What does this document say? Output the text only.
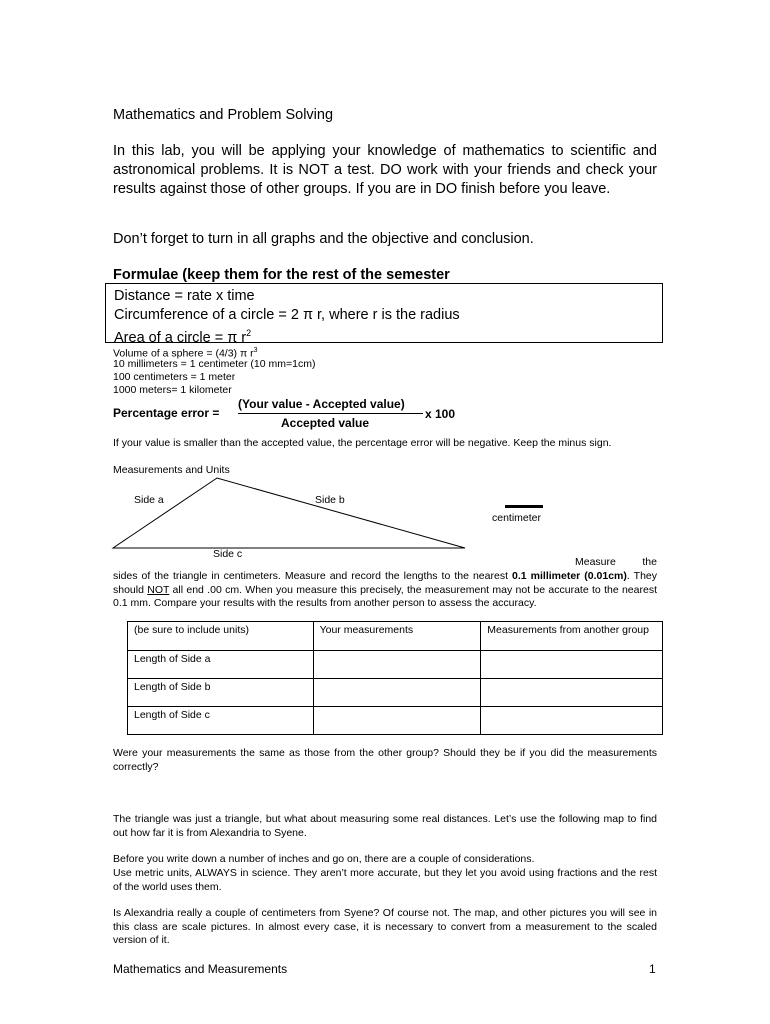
Mathematics and Problem Solving
In this lab, you will be applying your knowledge of mathematics to scientific and astronomical problems. It is NOT a test. DO work with your friends and check your results against those of other groups. If you are in DO finish before you leave.
Don’t forget to turn in all graphs and the objective and conclusion.
Formulae (keep them for the rest of the semester
Distance = rate x time
Circumference of a circle = 2 π r, where r is the radius
Area of a circle = π $r^2$
Volume of a sphere = (4/3) π $r^3$
10 millimeters = 1 centimeter (10 mm=1cm)
100 centimeters = 1 meter
1000 meters= 1 kilometer
Percentage error =
(Your value - Accepted value)
Accepted value
x 100
If your value is smaller than the accepted value, the percentage error will be negative. Keep the minus sign.
Measurements and Units
Side a	Side b
Side c
centimeter
Measure the
sides of the triangle in centimeters. Measure and record the lengths to the nearest 0.1 millimeter (0.01cm). They should NOT all end .00 cm. When you measure this precisely, the measurement may not be accurate to the nearest 0.1 mm. Compare your results with the results from another person to assess the accuracy.
(be sure to include units)	Your measurements	Measurements from another group
Length of Side a		
Length of Side b		
Length of Side c		
Were your measurements the same as those from the other group? Should they be if you did the measurements correctly?
The triangle was just a triangle, but what about measuring some real distances. Let’s use the following map to find out how far it is from Alexandria to Syene.
Before you write down a number of inches and go on, there are a couple of considerations.
Use metric units, ALWAYS in science. They aren’t more accurate, but they let you avoid using fractions and the rest of the world uses them.
Is Alexandria really a couple of centimeters from Syene? Of course not. The map, and other pictures you will see in this class are scale pictures. In almost every case, it is necessary to convert from a measurement to the scaled version of it.
Mathematics and Measurements	1
